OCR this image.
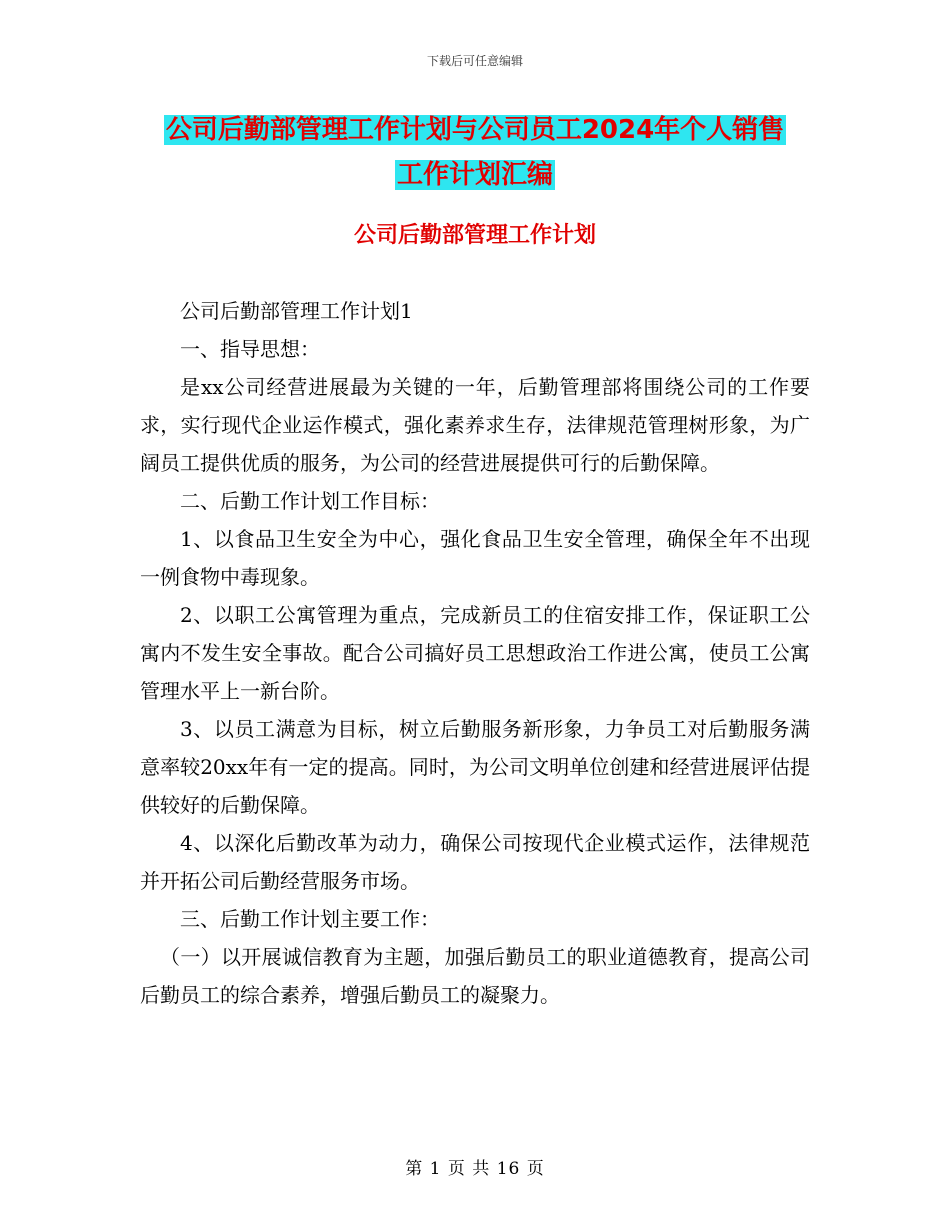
下载后可任意编辑
公司后勤部管理工作计划与公司员工2024年个人销售
工作计划汇编
公司后勤部管理工作计划

公司后勤部管理工作计划1

一、指导思想：

是xx公司经营进展最为关键的一年，后勤管理部将围绕公司的工作要求，实行现代企业运作模式，强化素养求生存，法律规范管理树形象，为广阔员工提供优质的服务，为公司的经营进展提供可行的后勤保障。

二、后勤工作计划工作目标：

1、以食品卫生安全为中心，强化食品卫生安全管理，确保全年不出现一例食物中毒现象。

2、以职工公寓管理为重点，完成新员工的住宿安排工作，保证职工公寓内不发生安全事故。配合公司搞好员工思想政治工作进公寓，使员工公寓管理水平上一新台阶。

3、以员工满意为目标，树立后勤服务新形象，力争员工对后勤服务满意率较20xx年有一定的提高。同时，为公司文明单位创建和经营进展评估提供较好的后勤保障。

4、以深化后勤改革为动力，确保公司按现代企业模式运作，法律规范并开拓公司后勤经营服务市场。

三、后勤工作计划主要工作：

（一）以开展诚信教育为主题，加强后勤员工的职业道德教育，提高公司后勤员工的综合素养，增强后勤员工的凝聚力。

第 1 页 共 16 页
